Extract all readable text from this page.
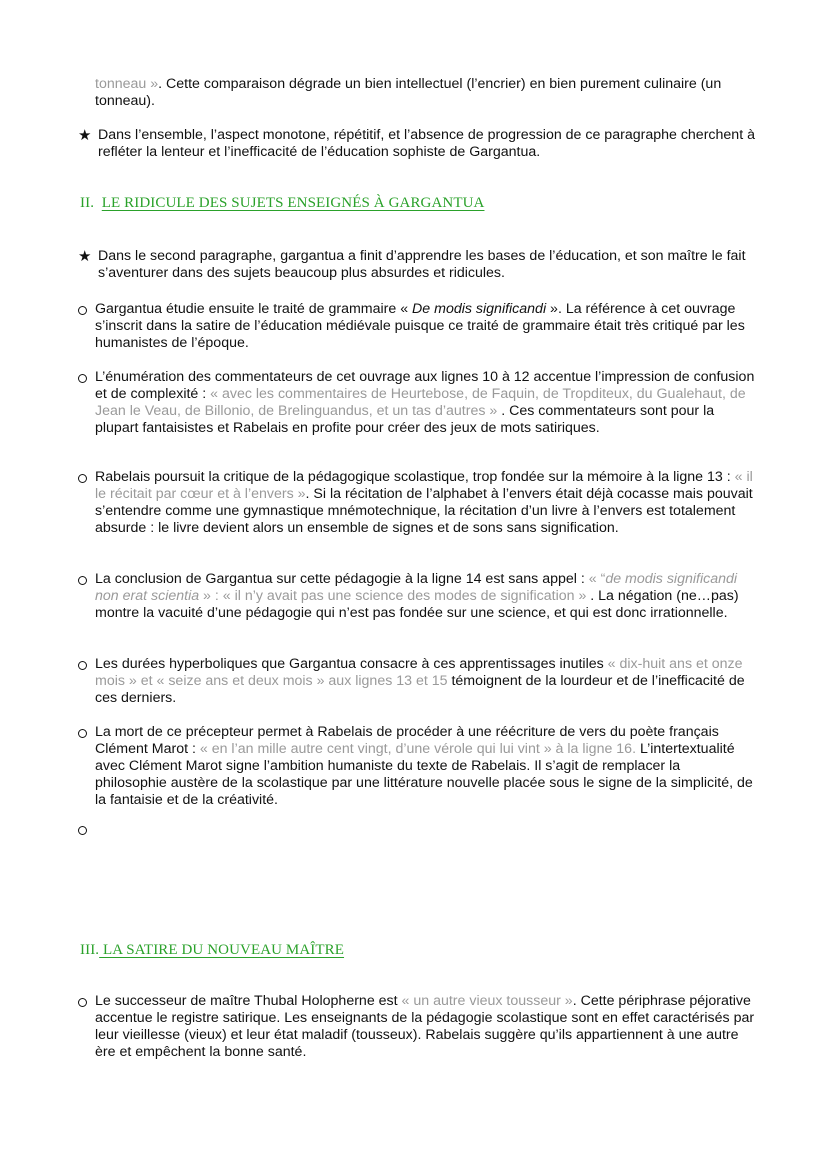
tonneau ». Cette comparaison dégrade un bien intellectuel (l’encrier) en bien purement culinaire (un tonneau).
★ Dans l’ensemble, l’aspect monotone, répétitif, et l’absence de progression de ce paragraphe cherchent à refléter la lenteur et l’inefficacité de l’éducation sophiste de Gargantua.
II. LE RIDICULE DES SUJETS ENSEIGNÉS À GARGANTUA
★ Dans le second paragraphe, gargantua a finit d’apprendre les bases de l’éducation, et son maître le fait s’aventurer dans des sujets beaucoup plus absurdes et ridicules.
Gargantua étudie ensuite le traité de grammaire « De modis significandi ». La référence à cet ouvrage s’inscrit dans la satire de l’éducation médiévale puisque ce traité de grammaire était très critiqué par les humanistes de l’époque.
L’énumération des commentateurs de cet ouvrage aux lignes 10 à 12 accentue l’impression de confusion et de complexité : « avec les commentaires de Heurtebose, de Faquin, de Tropditeux, du Gualehaut, de Jean le Veau, de Billonio, de Brelinguandus, et un tas d’autres » . Ces commentateurs sont pour la plupart fantaisistes et Rabelais en profite pour créer des jeux de mots satiriques.
Rabelais poursuit la critique de la pédagogique scolastique, trop fondée sur la mémoire à la ligne 13 : « il le récitait par cœur et à l’envers ». Si la récitation de l’alphabet à l’envers était déjà cocasse mais pouvait s’entendre comme une gymnastique mnémotechnique, la récitation d’un livre à l’envers est totalement absurde : le livre devient alors un ensemble de signes et de sons sans signification.
La conclusion de Gargantua sur cette pédagogie à la ligne 14 est sans appel : « “de modis significandi non erat scientia » : « il n’y avait pas une science des modes de signification » . La négation (ne…pas) montre la vacuité d’une pédagogie qui n’est pas fondée sur une science, et qui est donc irrationnelle.
Les durées hyperboliques que Gargantua consacre à ces apprentissages inutiles « dix-huit ans et onze mois » et « seize ans et deux mois » aux lignes 13 et 15 témoignent de la lourdeur et de l’inefficacité de ces derniers.
La mort de ce précepteur permet à Rabelais de procéder à une réécriture de vers du poète français Clément Marot : « en l’an mille autre cent vingt, d’une vérole qui lui vint » à la ligne 16. L’intertextualité avec Clément Marot signe l’ambition humaniste du texte de Rabelais. Il s’agit de remplacer la philosophie austère de la scolastique par une littérature nouvelle placée sous le signe de la simplicité, de la fantaisie et de la créativité.
III. LA SATIRE DU NOUVEAU MAÎTRE
Le successeur de maître Thubal Holopherne est « un autre vieux tousseur ». Cette périphrase péjorative accentue le registre satirique. Les enseignants de la pédagogie scolastique sont en effet caractérisés par leur vieillesse (vieux) et leur état maladif (tousseux). Rabelais suggère qu’ils appartiennent à une autre ère et empêchent la bonne santé.
